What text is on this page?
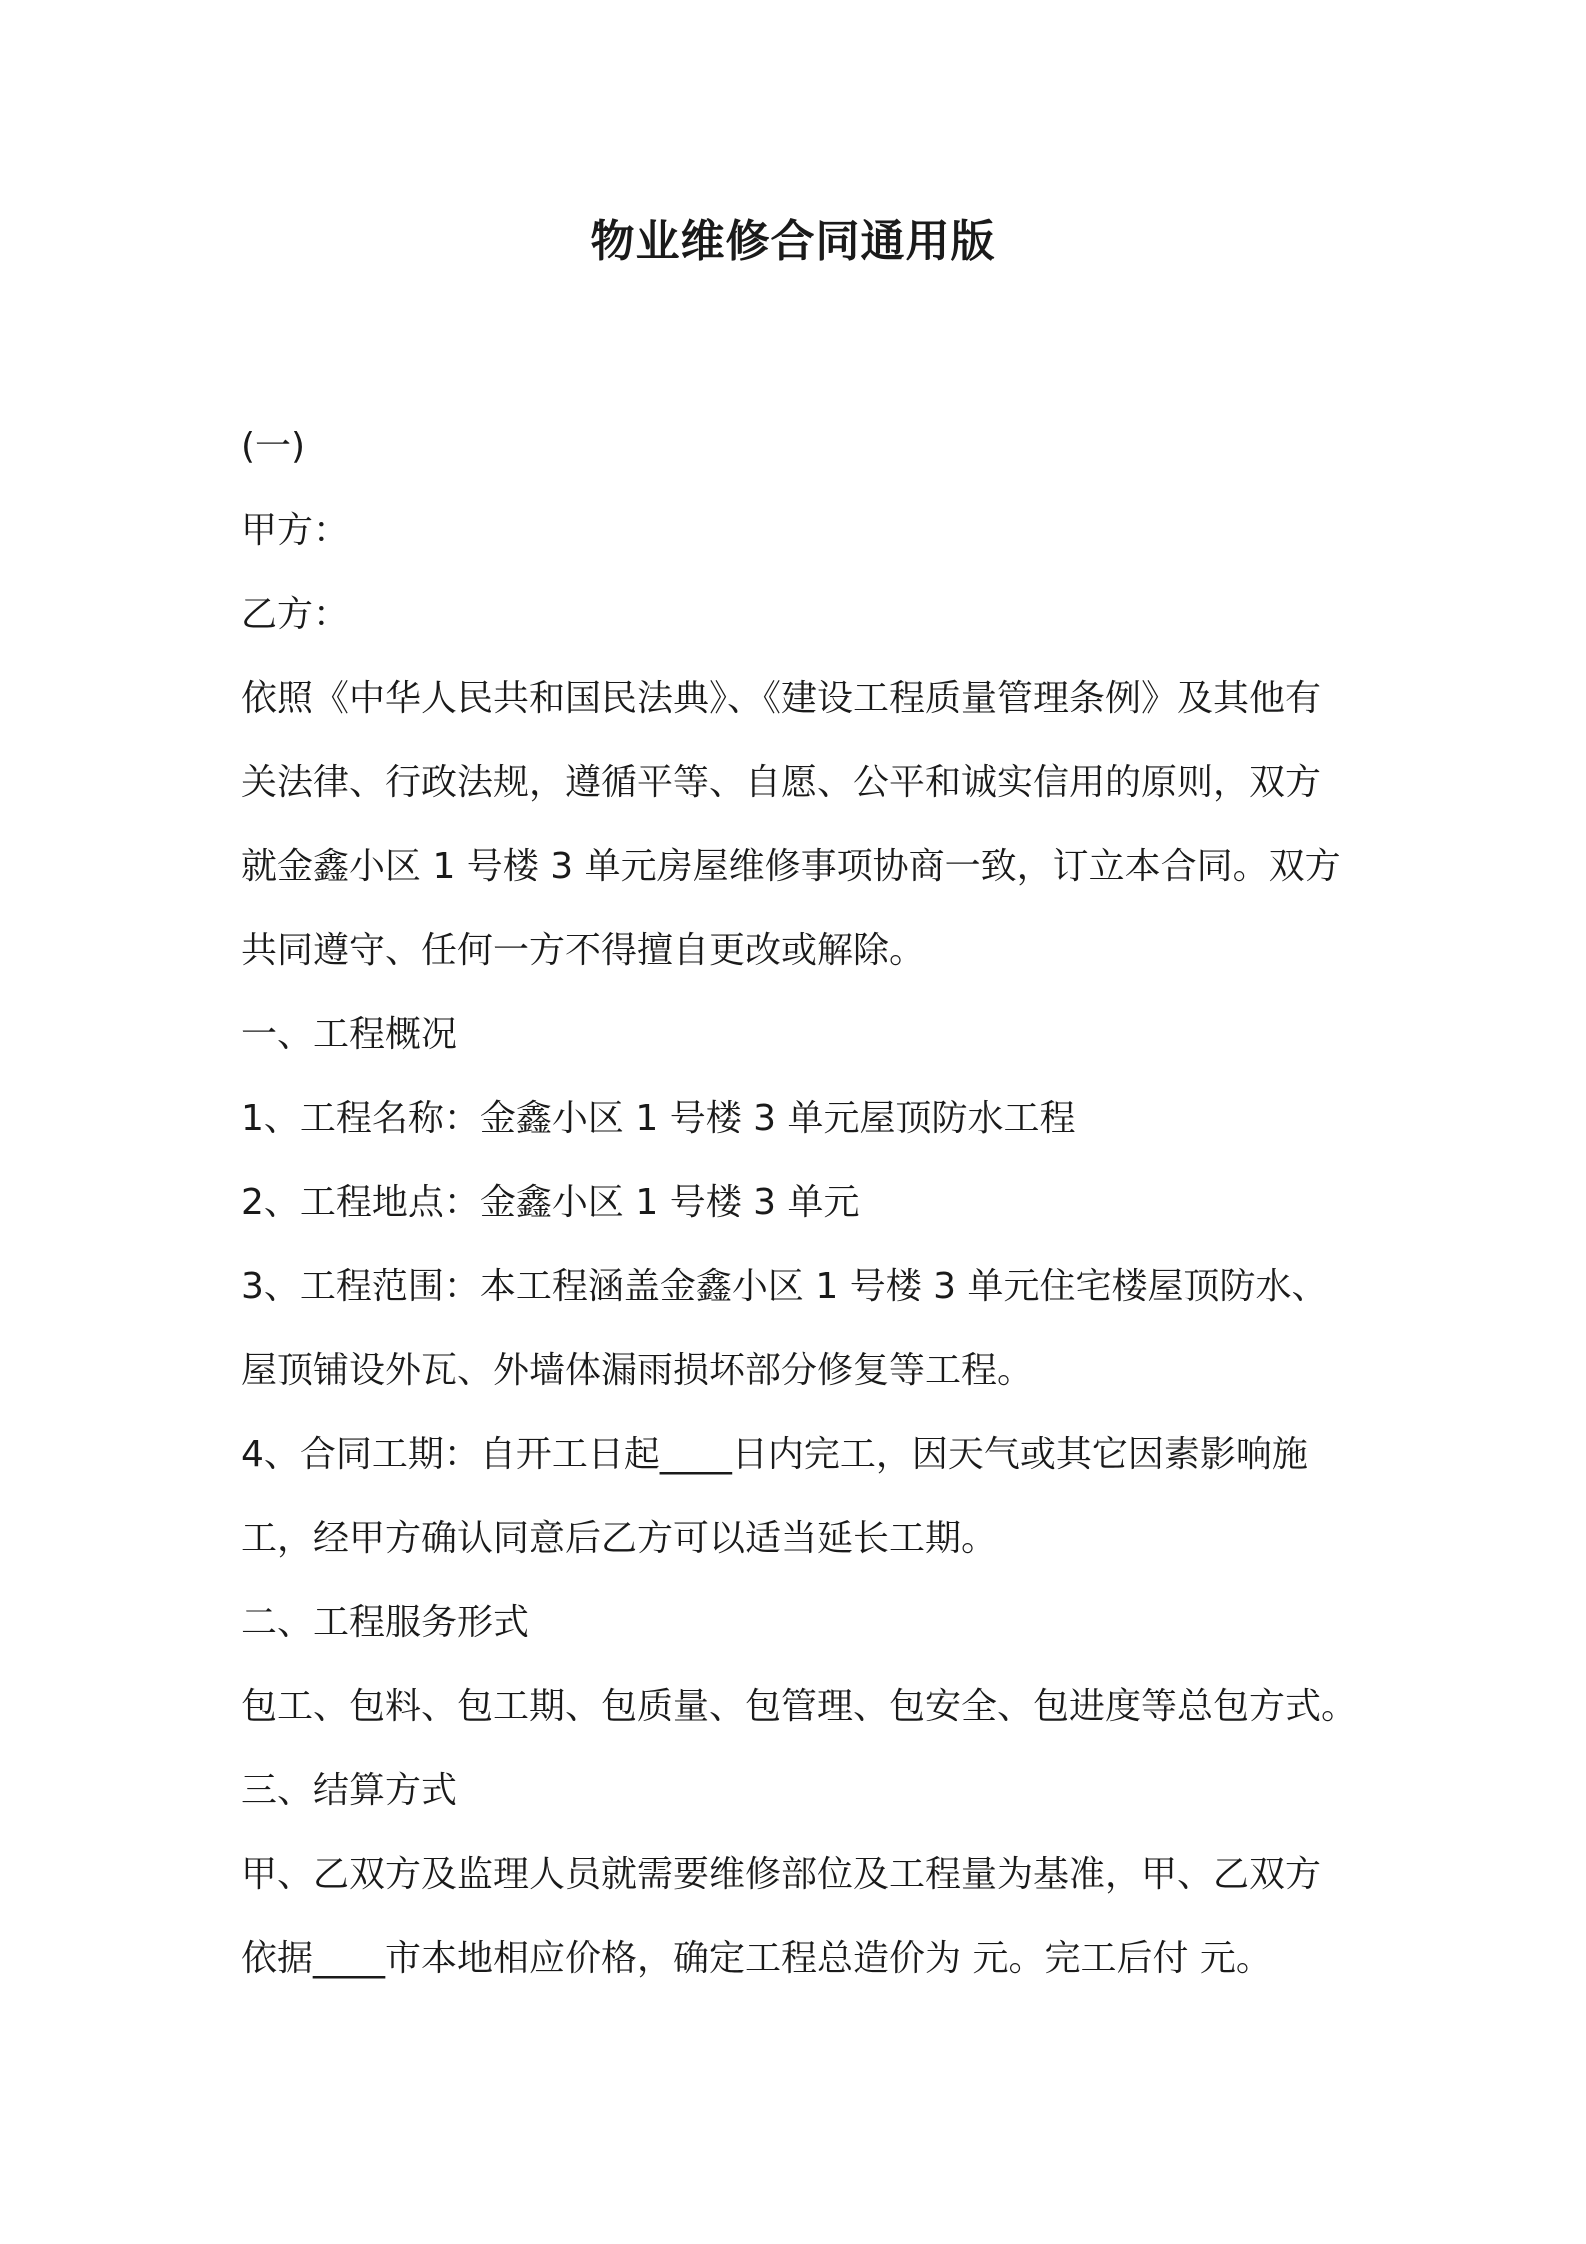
物业维修合同通用版
(一)
甲方：
乙方：
依照《中华人民共和国民法典》、《建设工程质量管理条例》及其他有
关法律、行政法规，遵循平等、自愿、公平和诚实信用的原则，双方
就金鑫小区 1 号楼 3 单元房屋维修事项协商一致，订立本合同。双方
共同遵守、任何一方不得擅自更改或解除。
一、工程概况
1、工程名称：金鑫小区 1 号楼 3 单元屋顶防水工程
2、工程地点：金鑫小区 1 号楼 3 单元
3、工程范围：本工程涵盖金鑫小区 1 号楼 3 单元住宅楼屋顶防水、
屋顶铺设外瓦、外墙体漏雨损坏部分修复等工程。
4、合同工期：自开工日起____日内完工，因天气或其它因素影响施
工，经甲方确认同意后乙方可以适当延长工期。
二、工程服务形式
包工、包料、包工期、包质量、包管理、包安全、包进度等总包方式。
三、结算方式
甲、乙双方及监理人员就需要维修部位及工程量为基准，甲、乙双方
依据____市本地相应价格，确定工程总造价为 元。完工后付 元。
